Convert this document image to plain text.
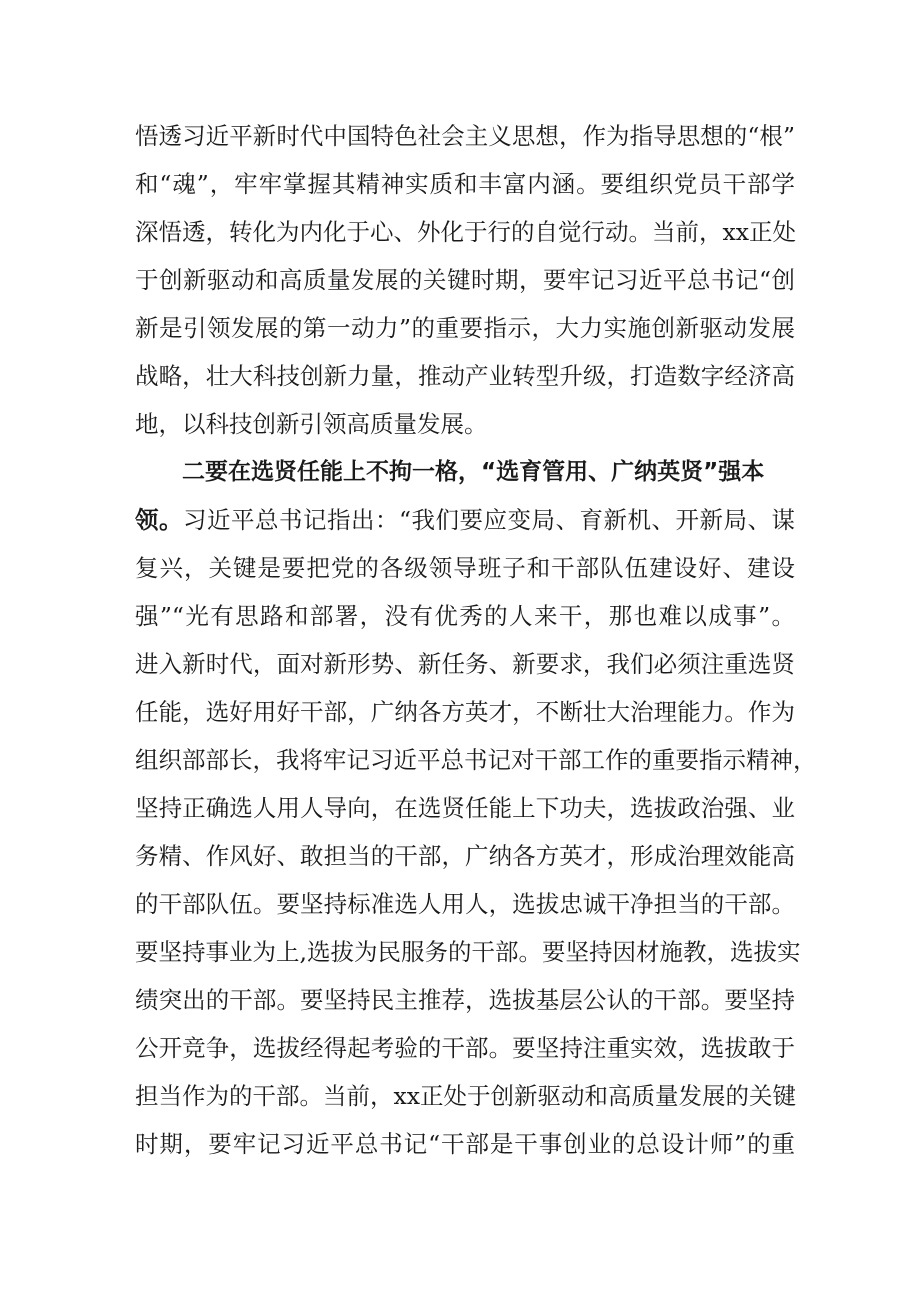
悟透习近平新时代中国特色社会主义思想，作为指导思想的“根”
和“魂”，牢牢掌握其精神实质和丰富内涵。要组织党员干部学
深悟透，转化为内化于心、外化于行的自觉行动。当前，xx正处
于创新驱动和高质量发展的关键时期，要牢记习近平总书记“创
新是引领发展的第一动力”的重要指示，大力实施创新驱动发展
战略，壮大科技创新力量，推动产业转型升级，打造数字经济高
地，以科技创新引领高质量发展。
二要在选贤任能上不拘一格，“选育管用、广纳英贤”强本
领。习近平总书记指出：“我们要应变局、育新机、开新局、谋
复兴，关键是要把党的各级领导班子和干部队伍建设好、建设
强”“光有思路和部署，没有优秀的人来干，那也难以成事”。
进入新时代，面对新形势、新任务、新要求，我们必须注重选贤
任能，选好用好干部，广纳各方英才，不断壮大治理能力。作为
组织部部长，我将牢记习近平总书记对干部工作的重要指示精神，
坚持正确选人用人导向，在选贤任能上下功夫，选拔政治强、业
务精、作风好、敢担当的干部，广纳各方英才，形成治理效能高
的干部队伍。要坚持标准选人用人，选拔忠诚干净担当的干部。
要坚持事业为上,选拔为民服务的干部。要坚持因材施教，选拔实
绩突出的干部。要坚持民主推荐，选拔基层公认的干部。要坚持
公开竞争，选拔经得起考验的干部。要坚持注重实效，选拔敢于
担当作为的干部。当前，xx正处于创新驱动和高质量发展的关键
时期，要牢记习近平总书记“干部是干事创业的总设计师”的重
